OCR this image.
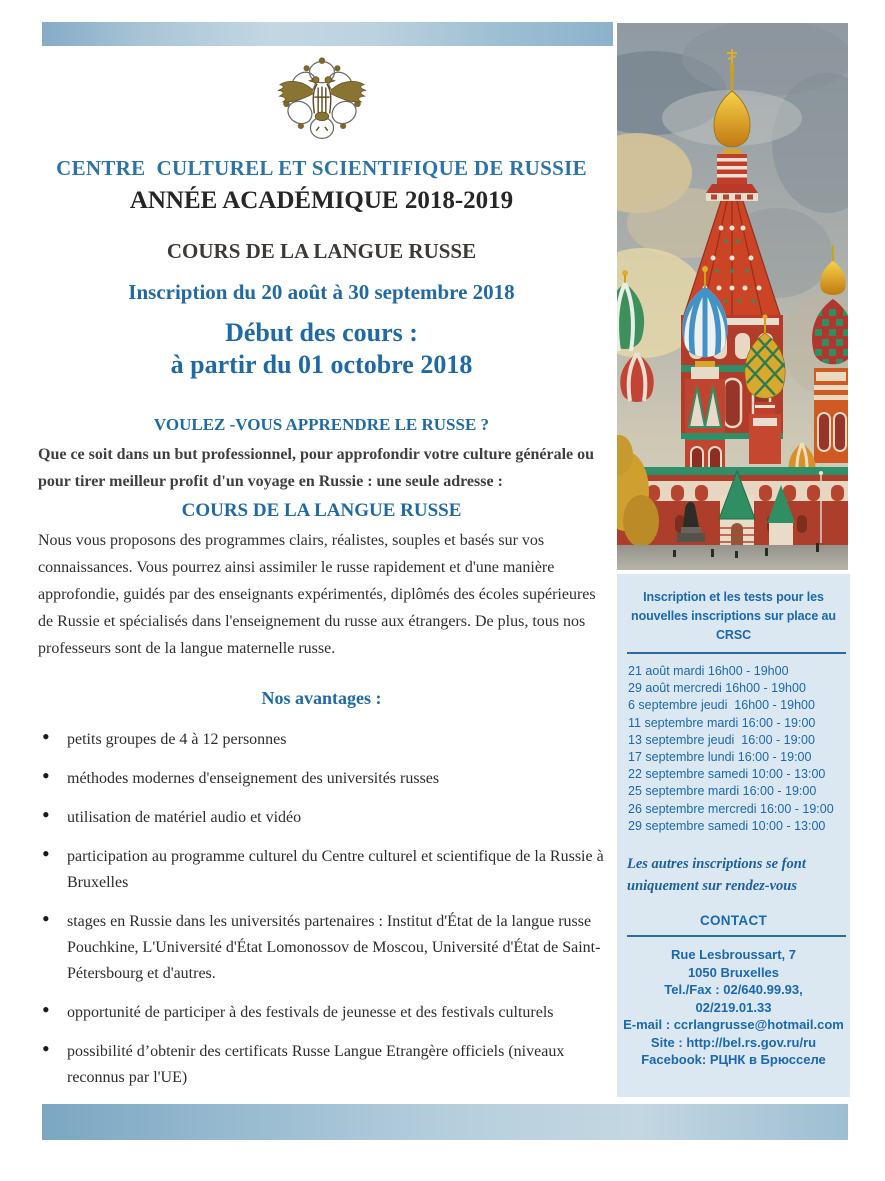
CENTRE  CULTUREL ET SCIENTIFIQUE DE RUSSIE
ANNÉE ACADÉMIQUE 2018-2019
COURS DE LA LANGUE RUSSE
Inscription du 20 août à 30 septembre 2018
Début des cours :
à partir du 01 octobre 2018
VOULEZ -VOUS APPRENDRE LE RUSSE ?

Que ce soit dans un but professionnel, pour approfondir votre culture générale ou pour tirer meilleur profit d'un voyage en Russie : une seule adresse :

COURS DE LA LANGUE RUSSE

Nous vous proposons des programmes clairs, réalistes, souples et basés sur vos connaissances. Vous pourrez ainsi assimiler le russe rapidement et d'une manière approfondie, guidés par des enseignants expérimentés, diplômés des écoles supérieures de Russie et spécialisés dans l'enseignement du russe aux étrangers. De plus, tous nos professeurs sont de la langue maternelle russe.

Nos avantages :
• petits groupes de 4 à 12 personnes
• méthodes modernes d'enseignement des universités russes
• utilisation de matériel audio et vidéo
• participation au programme culturel du Centre culturel et scientifique de la Russie à Bruxelles
• stages en Russie dans les universités partenaires : Institut d'État de la langue russe Pouchkine, L'Université d'État Lomonossov de Moscou, Université d'État de Saint-Pétersbourg et d'autres.
• opportunité de participer à des festivals de jeunesse et des festivals culturels
• possibilité d’obtenir des certificats Russe Langue Etrangère officiels (niveaux reconnus par l'UE)
Inscription et les tests pour les nouvelles inscriptions sur place au CRSC
21 août mardi 16h00 - 19h00
29 août mercredi 16h00 - 19h00
6 septembre jeudi  16h00 - 19h00
11 septembre mardi 16:00 - 19:00
13 septembre jeudi  16:00 - 19:00
17 septembre lundi 16:00 - 19:00
22 septembre samedi 10:00 - 13:00
25 septembre mardi 16:00 - 19:00
26 septembre mercredi 16:00 - 19:00
29 septembre samedi 10:00 - 13:00
Les autres inscriptions se font uniquement sur rendez-vous
CONTACT
Rue Lesbroussart, 7
1050 Bruxelles
Tel./Fax : 02/640.99.93,
02/219.01.33
E-mail : ccrlangrusse@hotmail.com
Site : http://bel.rs.gov.ru/ru
Facebook: РЦНК в Брюсселе
